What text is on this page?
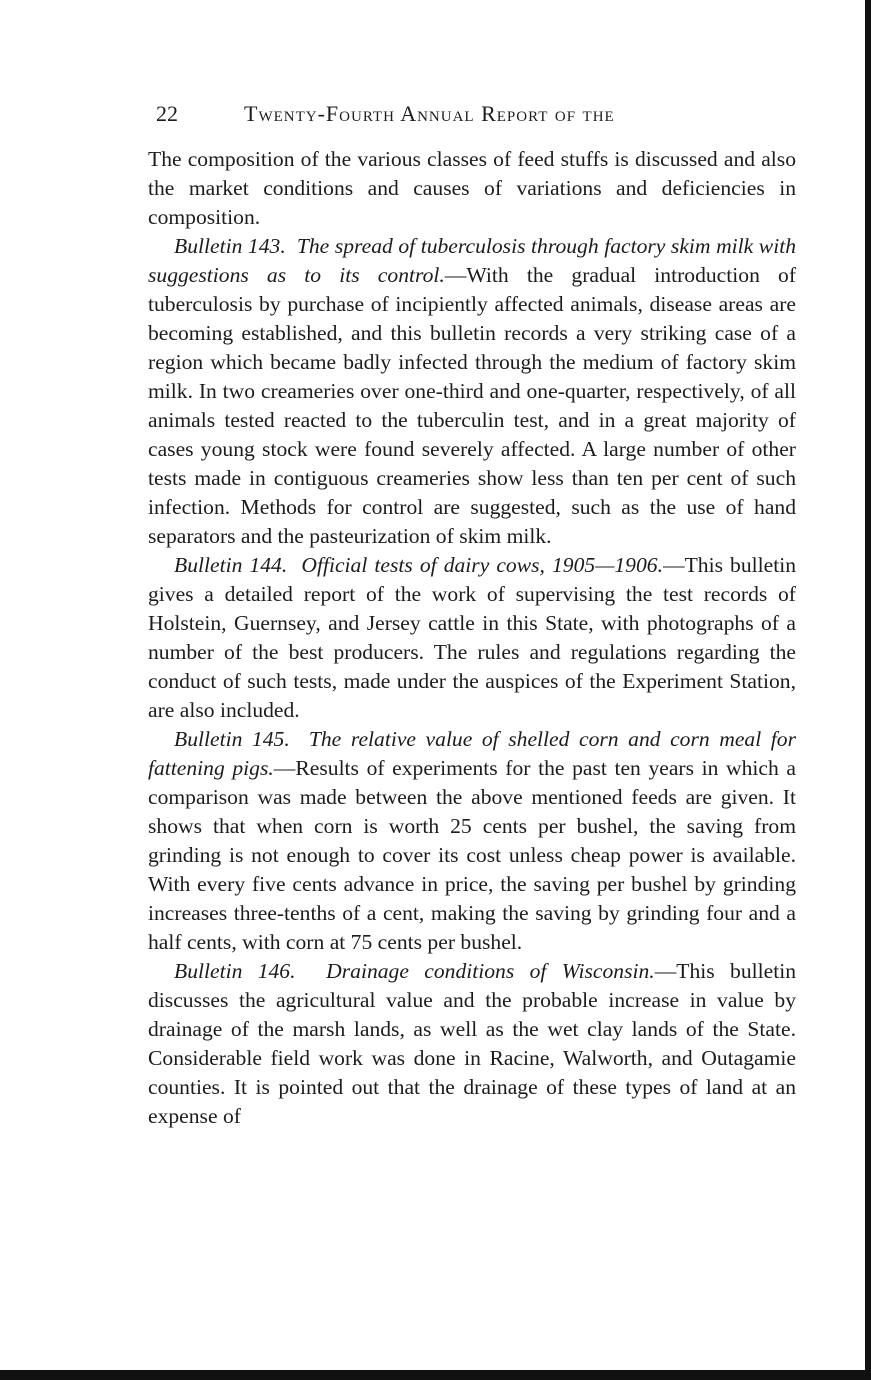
22	Twenty-Fourth Annual Report of the

The composition of the various classes of feed stuffs is discussed and also the market conditions and causes of variations and deficiencies in composition.

Bulletin 143. The spread of tuberculosis through factory skim milk with suggestions as to its control.—With the gradual introduction of tuberculosis by purchase of incipiently affected animals, disease areas are becoming established, and this bulletin records a very striking case of a region which became badly infected through the medium of factory skim milk. In two creameries over one-third and one-quarter, respectively, of all animals tested reacted to the tuberculin test, and in a great majority of cases young stock were found severely affected. A large number of other tests made in contiguous creameries show less than ten per cent of such infection. Methods for control are suggested, such as the use of hand separators and the pasteurization of skim milk.

Bulletin 144. Official tests of dairy cows, 1905—1906.—This bulletin gives a detailed report of the work of supervising the test records of Holstein, Guernsey, and Jersey cattle in this State, with photographs of a number of the best producers. The rules and regulations regarding the conduct of such tests, made under the auspices of the Experiment Station, are also included.

Bulletin 145. The relative value of shelled corn and corn meal for fattening pigs.—Results of experiments for the past ten years in which a comparison was made between the above mentioned feeds are given. It shows that when corn is worth 25 cents per bushel, the saving from grinding is not enough to cover its cost unless cheap power is available. With every five cents advance in price, the saving per bushel by grinding increases three-tenths of a cent, making the saving by grinding four and a half cents, with corn at 75 cents per bushel.

Bulletin 146. Drainage conditions of Wisconsin.—This bulletin discusses the agricultural value and the probable increase in value by drainage of the marsh lands, as well as the wet clay lands of the State. Considerable field work was done in Racine, Walworth, and Outagamie counties. It is pointed out that the drainage of these types of land at an expense of
